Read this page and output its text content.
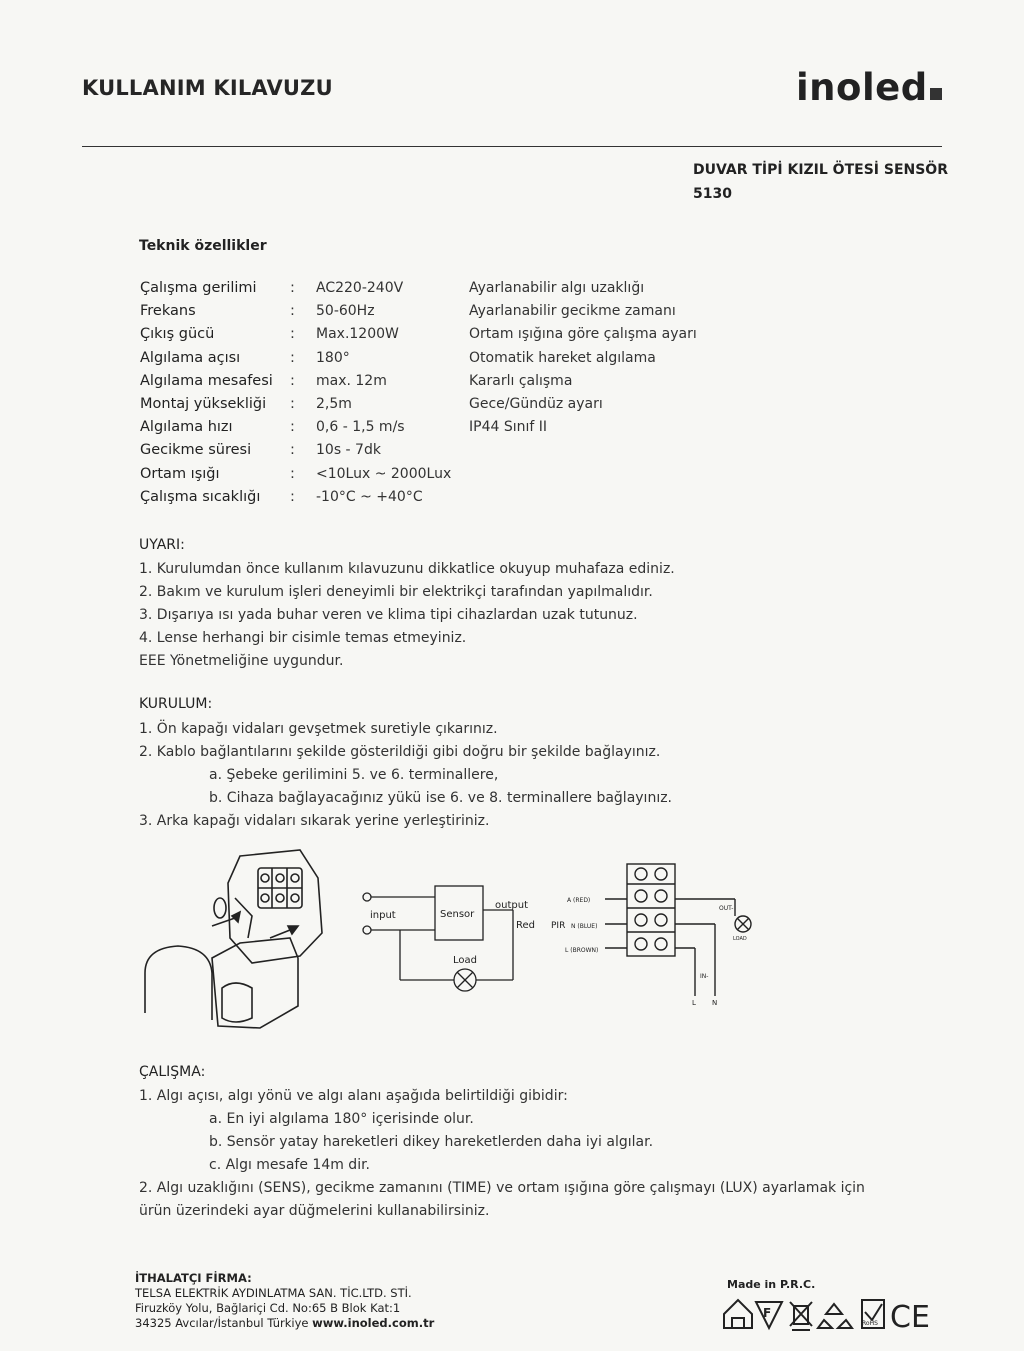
KULLANIM KILAVUZU	inoled
DUVAR TİPİ KIZIL ÖTESİ SENSÖR
5130
Teknik özellikler
Çalışma gerilimi
Frekans
Çıkış gücü
Algılama açısı
Algılama mesafesi
Montaj yüksekliği
Algılama hızı
Gecikme süresi
Ortam ışığı
Çalışma sıcaklığı
:
:
:
:
:
:
:
:
:
:
AC220-240V
50-60Hz
Max.1200W
180°
max. 12m
2,5m
0,6 - 1,5 m/s
10s - 7dk
<10Lux ~ 2000Lux
-10°C ~ +40°C
Ayarlanabilir algı uzaklığı
Ayarlanabilir gecikme zamanı
Ortam ışığına göre çalışma ayarı
Otomatik hareket algılama
Kararlı çalışma
Gece/Gündüz ayarı
IP44 Sınıf II
UYARI:
1. Kurulumdan önce kullanım kılavuzunu dikkatlice okuyup muhafaza ediniz.
2. Bakım ve kurulum işleri deneyimli bir elektrikçi tarafından yapılmalıdır.
3. Dışarıya ısı yada buhar veren ve klima tipi cihazlardan uzak tutunuz.
4. Lense herhangi bir cisimle temas etmeyiniz.
EEE Yönetmeliğine uygundur.
KURULUM:
1. Ön kapağı vidaları gevşetmek suretiyle çıkarınız.
2. Kablo bağlantılarını şekilde gösterildiği gibi doğru bir şekilde bağlayınız.
a. Şebeke gerilimini 5. ve 6. terminallere,
b. Cihaza bağlayacağınız yükü ise 6. ve 8. terminallere bağlayınız.
3. Arka kapağı vidaları sıkarak yerine yerleştiriniz.
input	Sensor
output
Red
Load
A (RED)
PIR N (BLUE)
L (BROWN)
OUT-
LOAD
IN-
L N
ÇALIŞMA:
1. Algı açısı, algı yönü ve algı alanı aşağıda belirtildiği gibidir:
a. En iyi algılama 180° içerisinde olur.
b. Sensör yatay hareketleri dikey hareketlerden daha iyi algılar.
c. Algı mesafe 14m dir.
2. Algı uzaklığını (SENS), gecikme zamanını (TIME) ve ortam ışığına göre çalışmayı (LUX) ayarlamak için
ürün üzerindeki ayar düğmelerini kullanabilirsiniz.
İTHALATÇI FİRMA:
TELSA ELEKTRİK AYDINLATMA SAN. TİC.LTD. STİ.
Firuzköy Yolu, Bağlariçi Cd. No:65 B Blok Kat:1
34325 Avcılar/İstanbul Türkiye www.inoled.com.tr
Made in P.R.C.
F
RoHS CE
